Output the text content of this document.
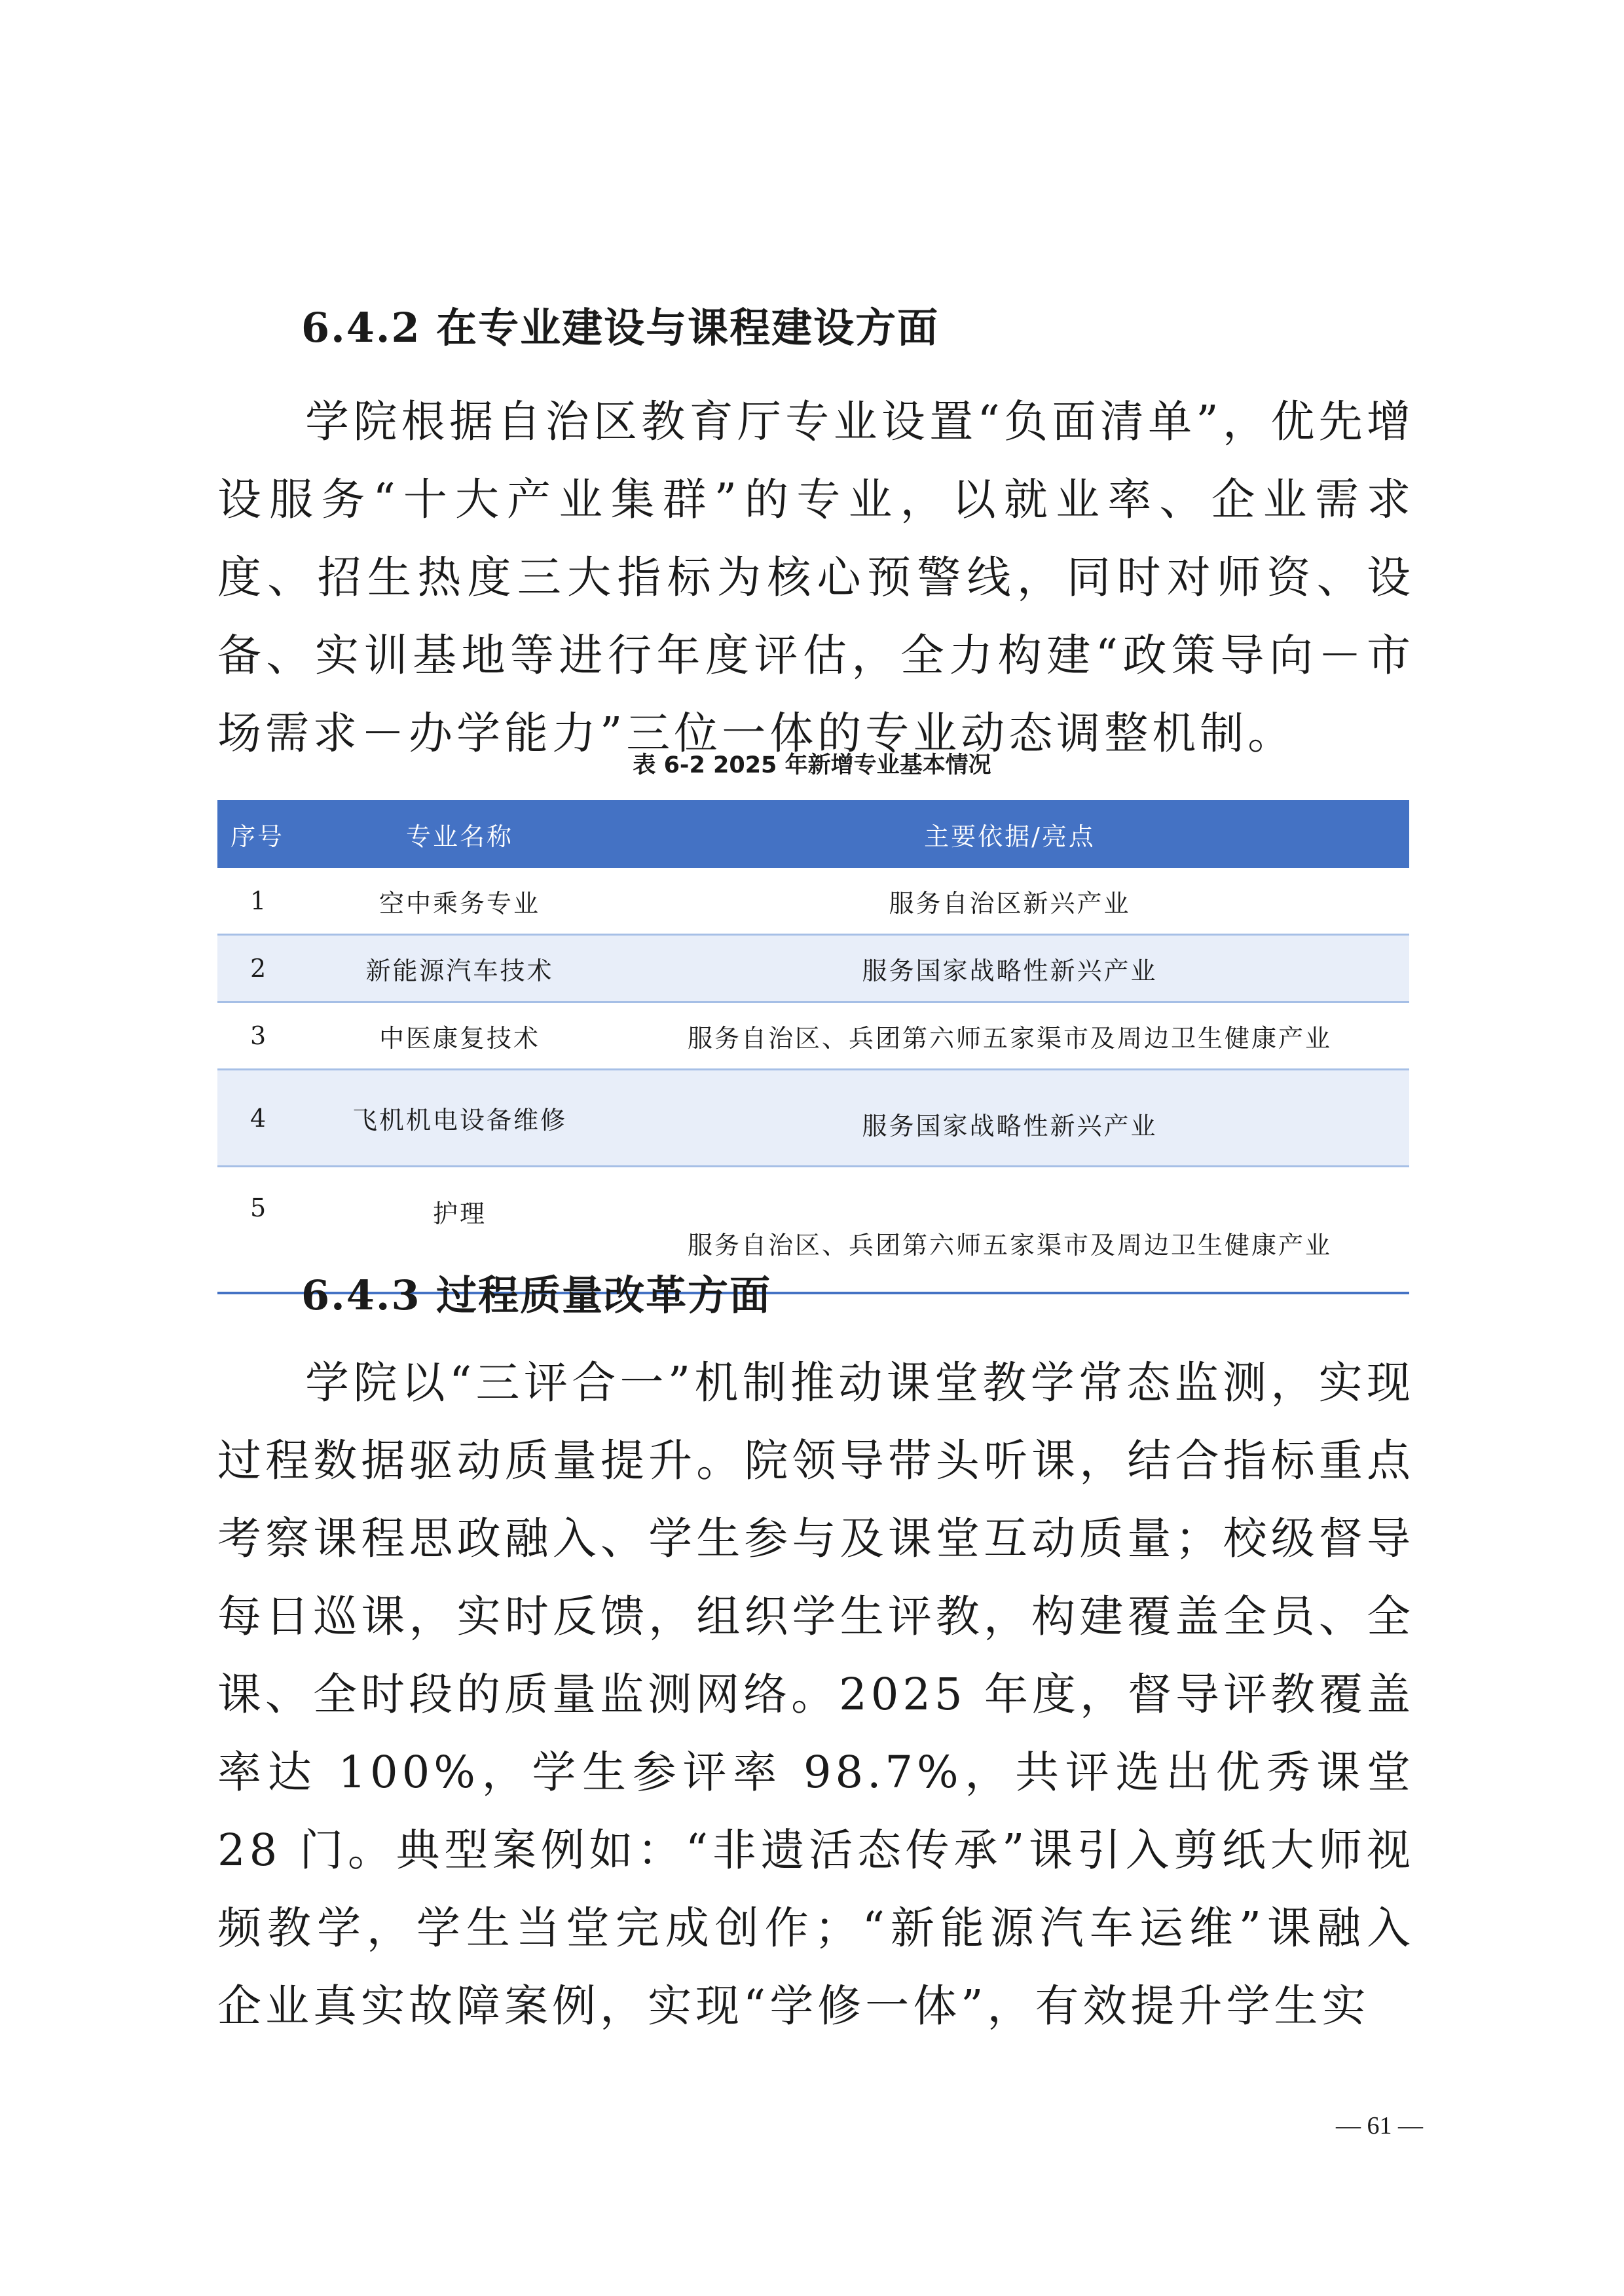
6.4.2 在专业建设与课程建设方面

学院根据自治区教育厅专业设置“负面清单”，优先增设服务“十大产业集群”的专业，以就业率、企业需求度、招生热度三大指标为核心预警线，同时对师资、设备、实训基地等进行年度评估，全力构建“政策导向－市场需求－办学能力”三位一体的专业动态调整机制。

表 6-2 2025 年新增专业基本情况
序号	专业名称	主要依据/亮点
1	空中乘务专业	服务自治区新兴产业
2	新能源汽车技术	服务国家战略性新兴产业
3	中医康复技术	服务自治区、兵团第六师五家渠市及周边卫生健康产业
4	飞机机电设备维修	服务国家战略性新兴产业
5	护理	服务自治区、兵团第六师五家渠市及周边卫生健康产业
6.4.3 过程质量改革方面

学院以“三评合一”机制推动课堂教学常态监测，实现过程数据驱动质量提升。院领导带头听课，结合指标重点考察课程思政融入、学生参与及课堂互动质量；校级督导每日巡课，实时反馈，组织学生评教，构建覆盖全员、全课、全时段的质量监测网络。2025 年度，督导评教覆盖率达 100%，学生参评率 98.7%，共评选出优秀课堂 28 门。典型案例如：“非遗活态传承”课引入剪纸大师视频教学，学生当堂完成创作；“新能源汽车运维”课融入企业真实故障案例，实现“学修一体”，有效提升学生实

— 61 —
